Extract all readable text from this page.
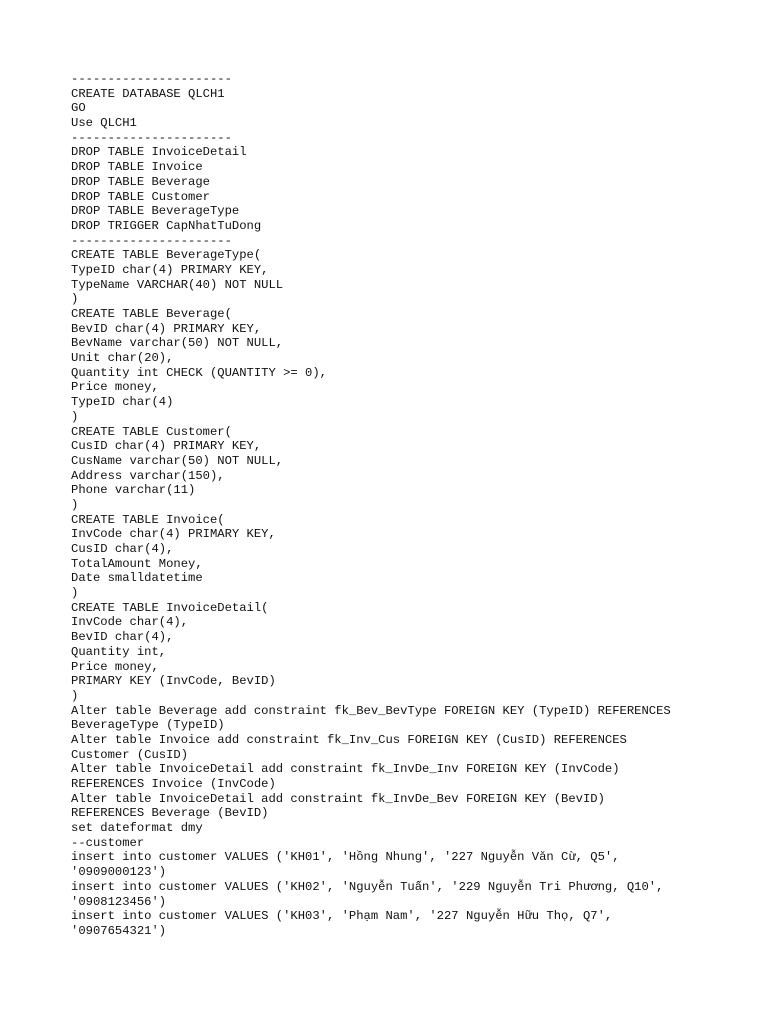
----------------------
CREATE DATABASE QLCH1
GO
Use QLCH1
----------------------
DROP TABLE InvoiceDetail
DROP TABLE Invoice
DROP TABLE Beverage
DROP TABLE Customer
DROP TABLE BeverageType
DROP TRIGGER CapNhatTuDong
----------------------
CREATE TABLE BeverageType(
TypeID char(4) PRIMARY KEY,
TypeName VARCHAR(40) NOT NULL
)
CREATE TABLE Beverage(
BevID char(4) PRIMARY KEY,
BevName varchar(50) NOT NULL,
Unit char(20),
Quantity int CHECK (QUANTITY >= 0),
Price money,
TypeID char(4)
)
CREATE TABLE Customer(
CusID char(4) PRIMARY KEY,
CusName varchar(50) NOT NULL,
Address varchar(150),
Phone varchar(11)
)
CREATE TABLE Invoice(
InvCode char(4) PRIMARY KEY,
CusID char(4),
TotalAmount Money,
Date smalldatetime
)
CREATE TABLE InvoiceDetail(
InvCode char(4),
BevID char(4),
Quantity int,
Price money,
PRIMARY KEY (InvCode, BevID)
)
Alter table Beverage add constraint fk_Bev_BevType FOREIGN KEY (TypeID) REFERENCES
BeverageType (TypeID)
Alter table Invoice add constraint fk_Inv_Cus FOREIGN KEY (CusID) REFERENCES
Customer (CusID)
Alter table InvoiceDetail add constraint fk_InvDe_Inv FOREIGN KEY (InvCode)
REFERENCES Invoice (InvCode)
Alter table InvoiceDetail add constraint fk_InvDe_Bev FOREIGN KEY (BevID)
REFERENCES Beverage (BevID)
set dateformat dmy
--customer
insert into customer VALUES ('KH01', 'Hồng Nhung', '227 Nguyễn Văn Cừ, Q5',
'0909000123')
insert into customer VALUES ('KH02', 'Nguyễn Tuấn', '229 Nguyễn Tri Phương, Q10',
'0908123456')
insert into customer VALUES ('KH03', 'Phạm Nam', '227 Nguyễn Hữu Thọ, Q7',
'0907654321')
